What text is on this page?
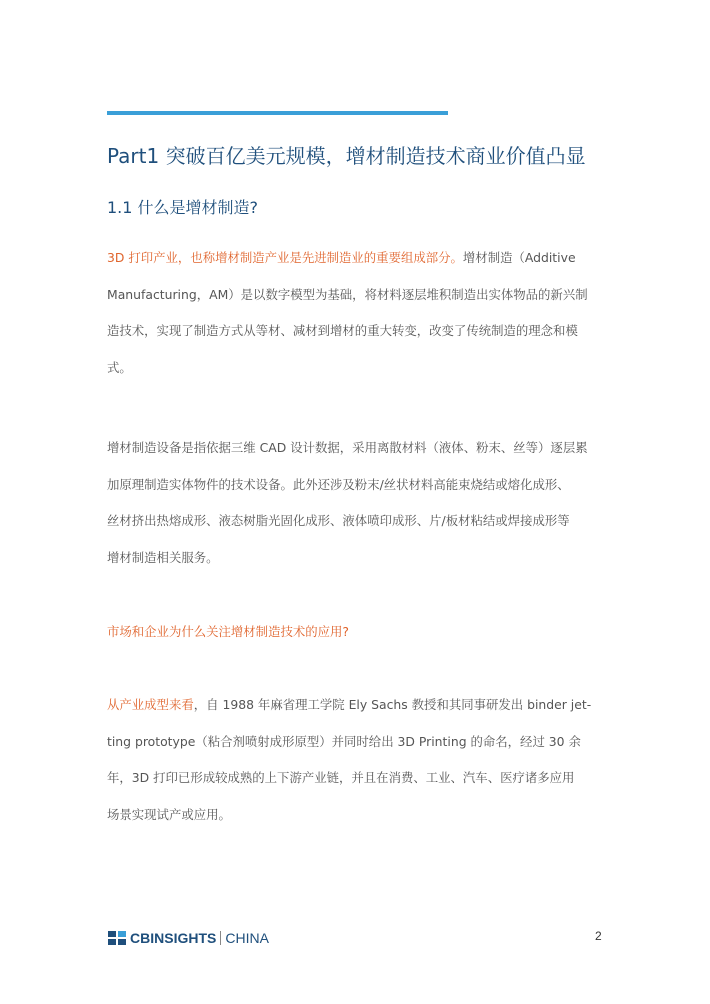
Part1 突破百亿美元规模，增材制造技术商业价值凸显
1.1 什么是增材制造?
3D 打印产业，也称增材制造产业是先进制造业的重要组成部分。增材制造（Additive
Manufacturing，AM）是以数字模型为基础，将材料逐层堆积制造出实体物品的新兴制
造技术，实现了制造方式从等材、减材到增材的重大转变，改变了传统制造的理念和模
式。
增材制造设备是指依据三维 CAD 设计数据，采用离散材料（液体、粉末、丝等）逐层累
加原理制造实体物件的技术设备。此外还涉及粉末/丝状材料高能束烧结或熔化成形、
丝材挤出热熔成形、液态树脂光固化成形、液体喷印成形、片/板材粘结或焊接成形等
增材制造相关服务。
市场和企业为什么关注增材制造技术的应用?
从产业成型来看，自 1988 年麻省理工学院 Ely Sachs 教授和其同事研发出 binder jet-
ting prototype（粘合剂喷射成形原型）并同时给出 3D Printing 的命名，经过 30 余
年，3D 打印已形成较成熟的上下游产业链，并且在消费、工业、汽车、医疗诸多应用
场景实现试产或应用。
CB INSIGHTS CHINA	2
